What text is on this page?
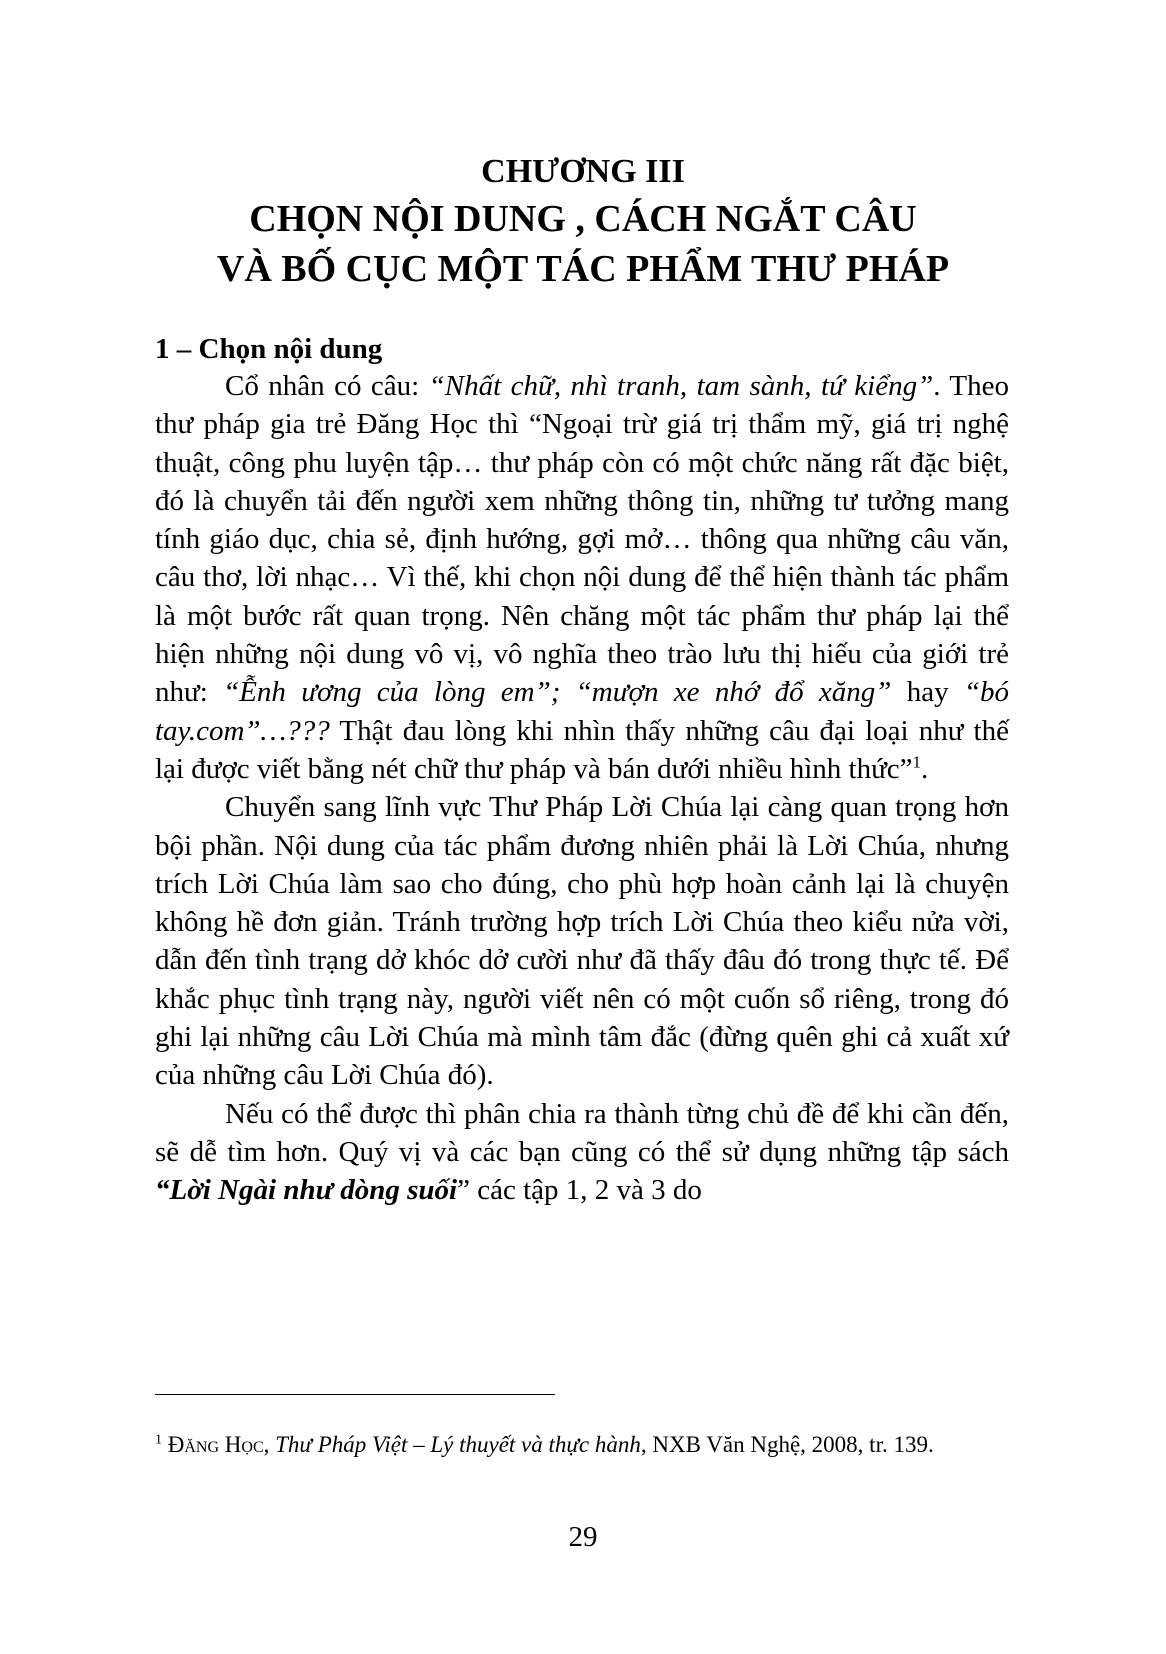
CHƯƠNG III
CHỌN NỘI DUNG , CÁCH NGẮT CÂU
VÀ BỐ CỤC MỘT TÁC PHẨM THƯ PHÁP
1 – Chọn nội dung

Cổ nhân có câu: “Nhất chữ, nhì tranh, tam sành, tứ kiểng”. Theo thư pháp gia trẻ Đăng Học thì “Ngoại trừ giá trị thẩm mỹ, giá trị nghệ thuật, công phu luyện tập… thư pháp còn có một chức năng rất đặc biệt, đó là chuyển tải đến người xem những thông tin, những tư tưởng mang tính giáo dục, chia sẻ, định hướng, gợi mở… thông qua những câu văn, câu thơ, lời nhạc… Vì thế, khi chọn nội dung để thể hiện thành tác phẩm là một bước rất quan trọng. Nên chăng một tác phẩm thư pháp lại thể hiện những nội dung vô vị, vô nghĩa theo trào lưu thị hiếu của giới trẻ như: “Ễnh ương của lòng em”; “mượn xe nhớ đổ xăng” hay “bó tay.com”…??? Thật đau lòng khi nhìn thấy những câu đại loại như thế lại được viết bằng nét chữ thư pháp và bán dưới nhiều hình thức”$^1$.

Chuyển sang lĩnh vực Thư Pháp Lời Chúa lại càng quan trọng hơn bội phần. Nội dung của tác phẩm đương nhiên phải là Lời Chúa, nhưng trích Lời Chúa làm sao cho đúng, cho phù hợp hoàn cảnh lại là chuyện không hề đơn giản. Tránh trường hợp trích Lời Chúa theo kiểu nửa vời, dẫn đến tình trạng dở khóc dở cười như đã thấy đâu đó trong thực tế. Để khắc phục tình trạng này, người viết nên có một cuốn sổ riêng, trong đó ghi lại những câu Lời Chúa mà mình tâm đắc (đừng quên ghi cả xuất xứ của những câu Lời Chúa đó).

Nếu có thể được thì phân chia ra thành từng chủ đề để khi cần đến, sẽ dễ tìm hơn. Quý vị và các bạn cũng có thể sử dụng những tập sách “Lời Ngài như dòng suối” các tập 1, 2 và 3 do

$^1$ Đăng Học, Thư Pháp Việt – Lý thuyết và thực hành, NXB Văn Nghệ, 2008, tr. 139.
29
